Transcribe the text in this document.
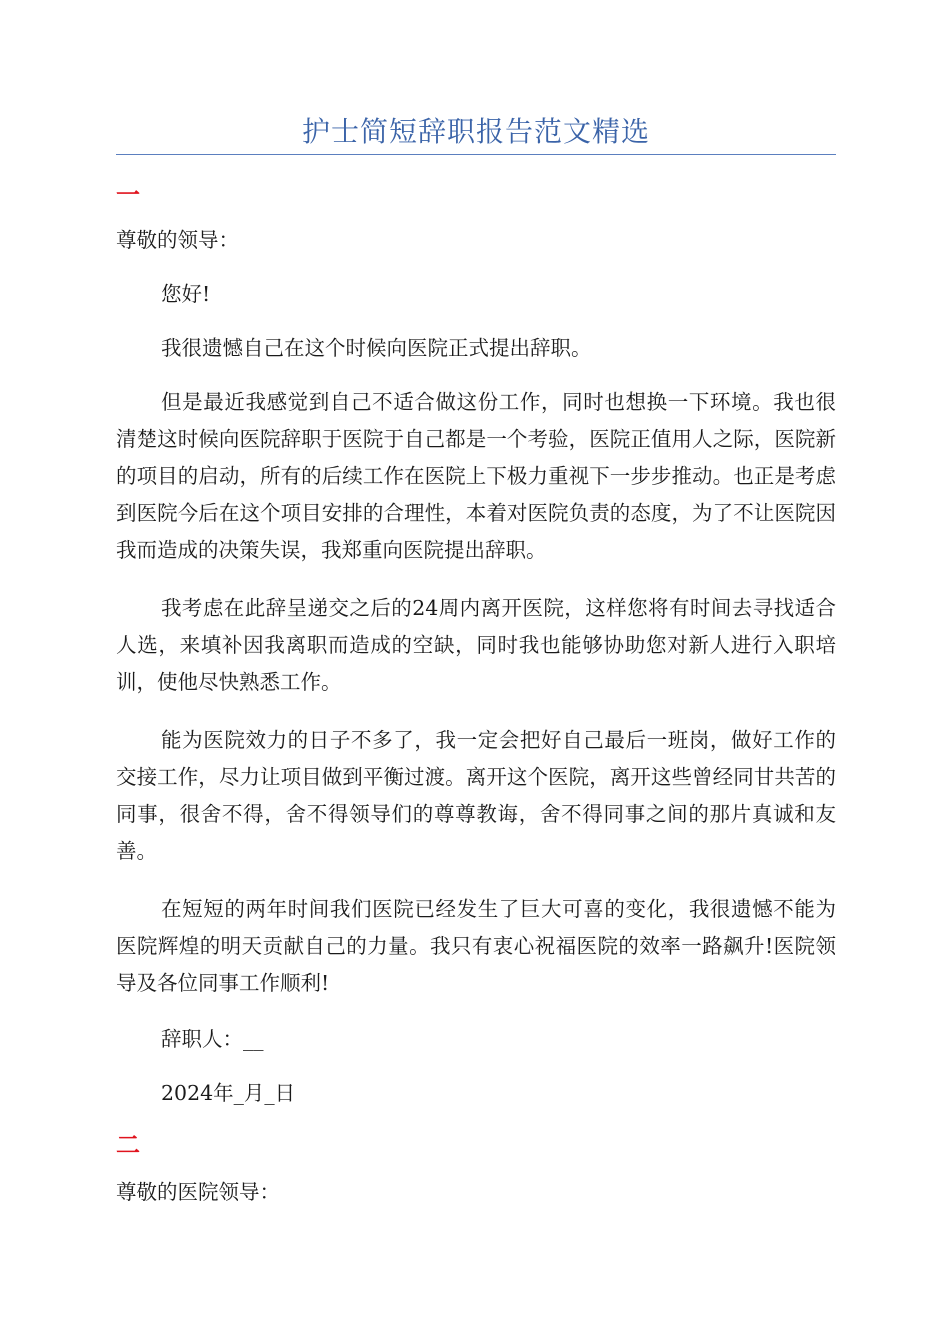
护士简短辞职报告范文精选
一

尊敬的领导：

您好!

我很遗憾自己在这个时候向医院正式提出辞职。

但是最近我感觉到自己不适合做这份工作，同时也想换一下环境。我也很清楚这时候向医院辞职于医院于自己都是一个考验，医院正值用人之际，医院新的项目的启动，所有的后续工作在医院上下极力重视下一步步推动。也正是考虑到医院今后在这个项目安排的合理性，本着对医院负责的态度，为了不让医院因我而造成的决策失误，我郑重向医院提出辞职。

我考虑在此辞呈递交之后的24周内离开医院，这样您将有时间去寻找适合人选，来填补因我离职而造成的空缺，同时我也能够协助您对新人进行入职培训，使他尽快熟悉工作。

能为医院效力的日子不多了，我一定会把好自己最后一班岗，做好工作的交接工作，尽力让项目做到平衡过渡。离开这个医院，离开这些曾经同甘共苦的同事，很舍不得，舍不得领导们的尊尊教诲，舍不得同事之间的那片真诚和友善。

在短短的两年时间我们医院已经发生了巨大可喜的变化，我很遗憾不能为医院辉煌的明天贡献自己的力量。我只有衷心祝福医院的效率一路飙升!医院领导及各位同事工作顺利!

辞职人：__

2024年_月_日

二

尊敬的医院领导：
